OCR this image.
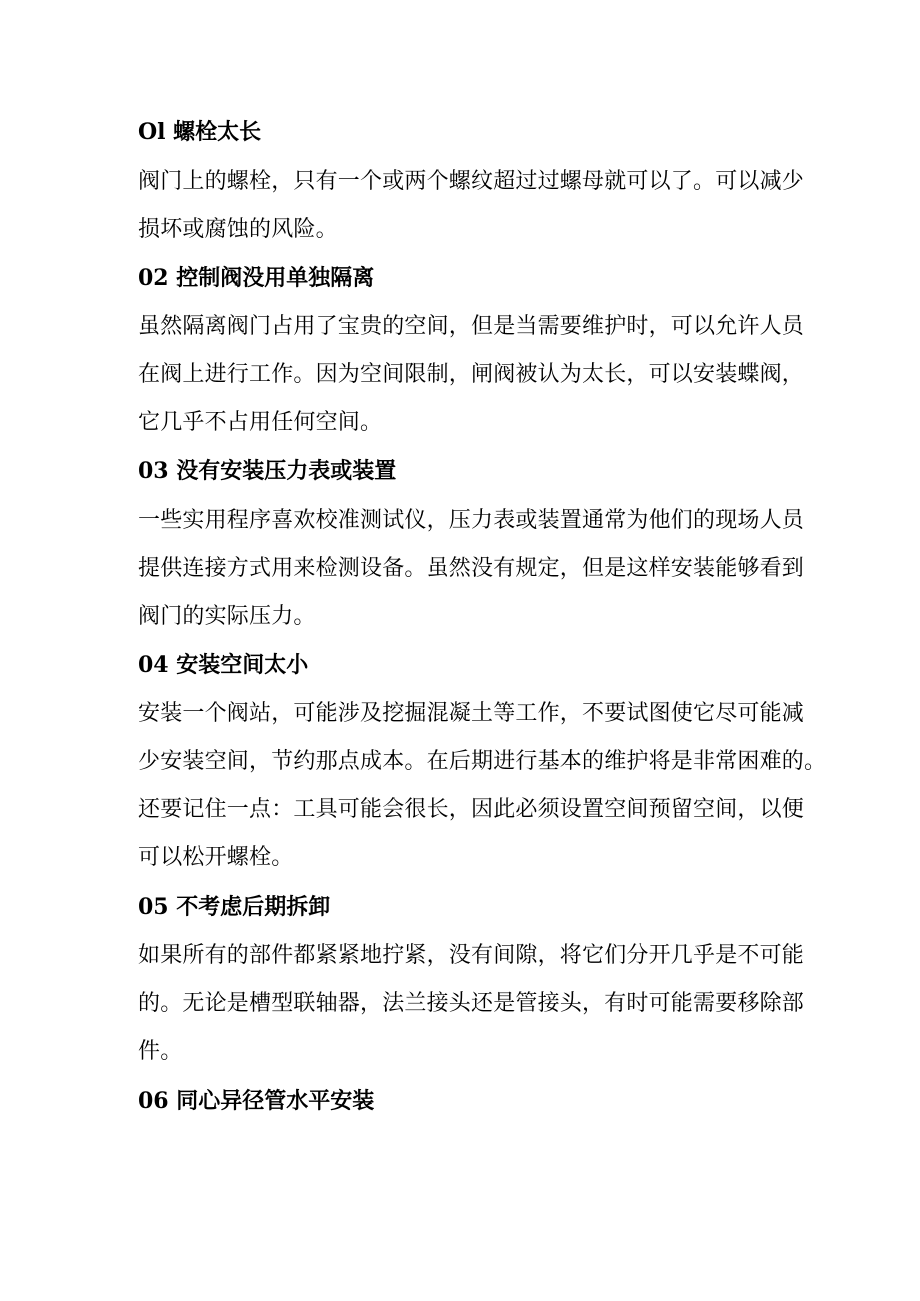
Ol 螺栓太长
阀门上的螺栓，只有一个或两个螺纹超过过螺母就可以了。可以减少
损坏或腐蚀的风险。
02 控制阀没用单独隔离
虽然隔离阀门占用了宝贵的空间，但是当需要维护时，可以允许人员
在阀上进行工作。因为空间限制，闸阀被认为太长，可以安装蝶阀，
它几乎不占用任何空间。
03 没有安装压力表或装置
一些实用程序喜欢校准测试仪，压力表或装置通常为他们的现场人员
提供连接方式用来检测设备。虽然没有规定，但是这样安装能够看到
阀门的实际压力。
04 安装空间太小
安装一个阀站，可能涉及挖掘混凝土等工作，不要试图使它尽可能减
少安装空间，节约那点成本。在后期进行基本的维护将是非常困难的。
还要记住一点：工具可能会很长，因此必须设置空间预留空间，以便
可以松开螺栓。
05 不考虑后期拆卸
如果所有的部件都紧紧地拧紧，没有间隙，将它们分开几乎是不可能
的。无论是槽型联轴器，法兰接头还是管接头，有时可能需要移除部
件。
06 同心异径管水平安装
